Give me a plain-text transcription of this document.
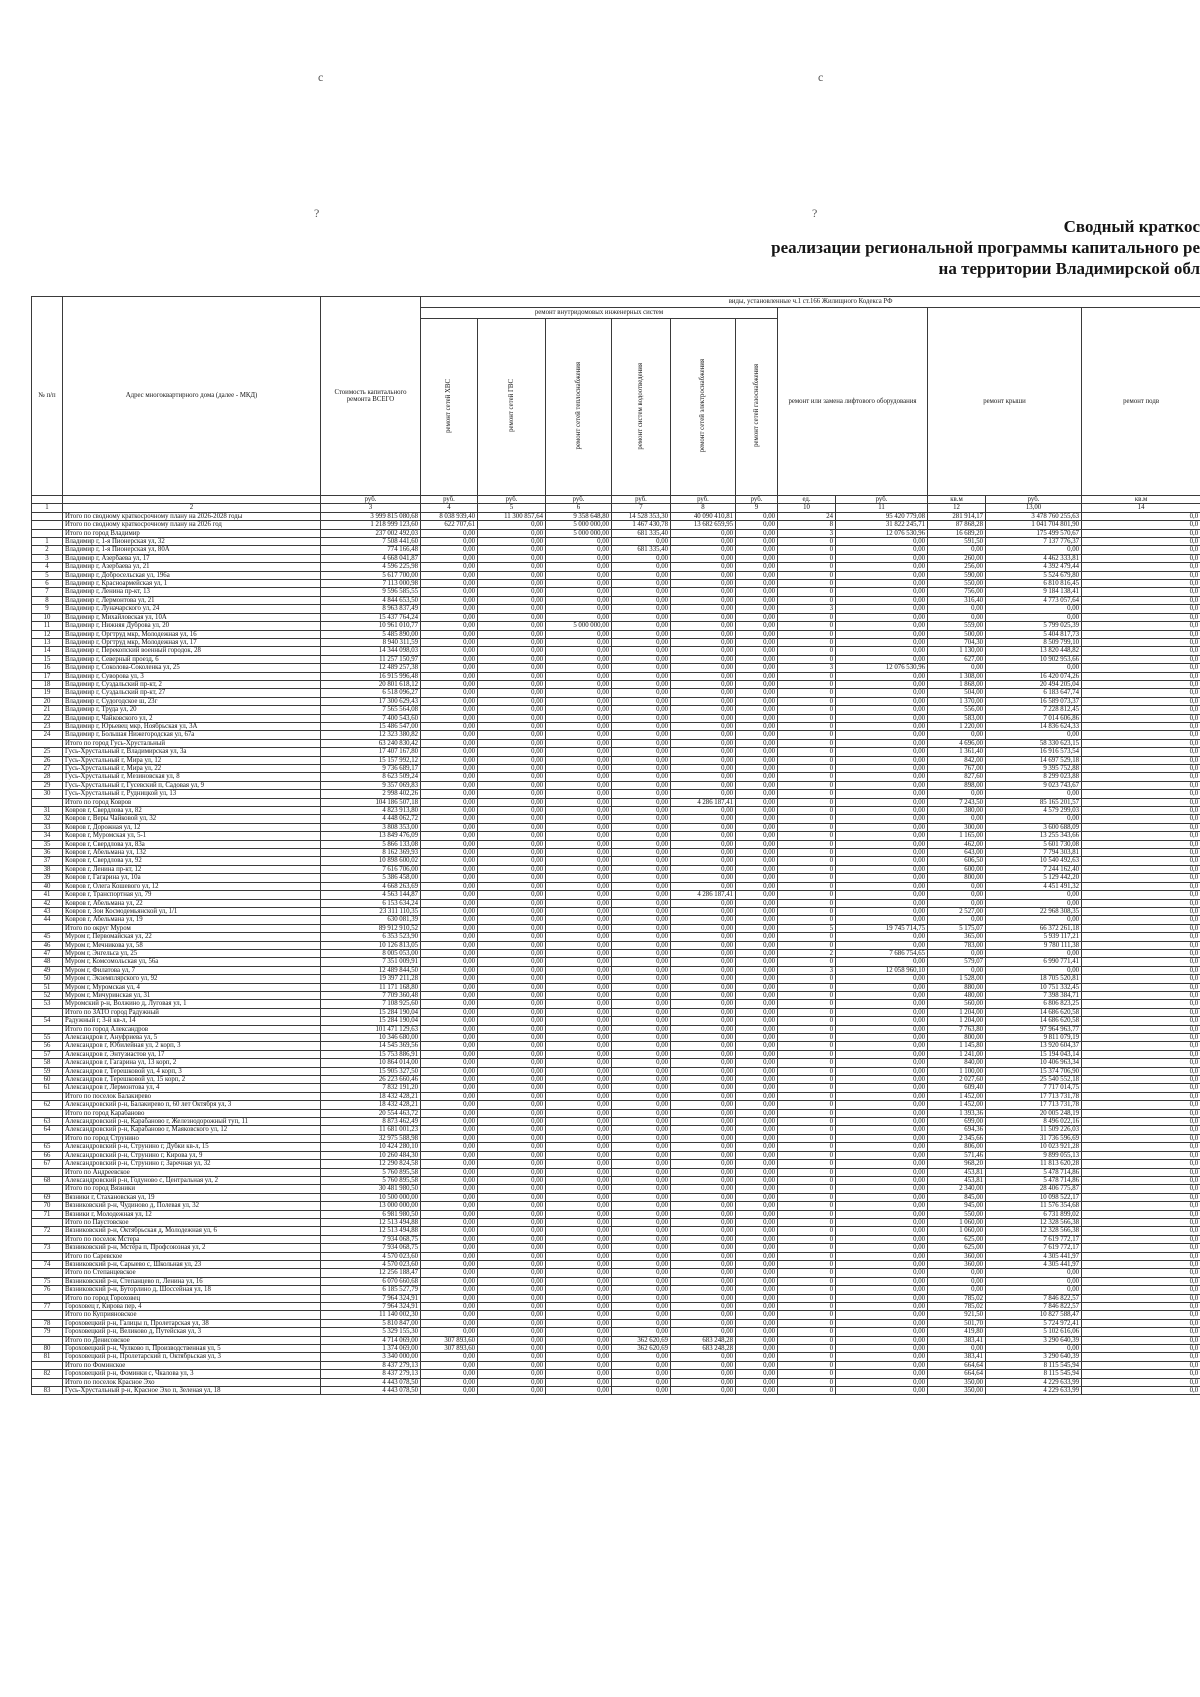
c	c
?	?
Сводный краткос
реализации региональной программы капитального ре
на территории Владимирской обл
№ п/п	Адрес многоквартирного дома (далее - МКД)	Стоимость капитального ремонта ВСЕГО	виды, установленные ч.1 ст.166 Жилищного Кодекса РФ										
			ремонт внутридомовых инженерных систем						ремонт или замена лифтового оборудования		ремонт крыши		ремонт подв
			ремонт сетей ХВС	ремонт сетей ГВС	ремонт сетей теплоснабжения	ремонт систем водоотведения	ремонт сетей электроснабжения	ремонт сетей газоснабжения					
		руб.	руб.	руб.	руб.	руб.	руб.	руб.	ед.	руб.	кв.м	руб.	кв.м
1	2	3	4	5	6	7	8	9	10	11	12	13,00	14
	Итого по сводному краткосрочному плану на 2026-2028 годы	3 999 815 080,68	8 038 939,40	11 300 857,64	9 358 648,80	14 528 353,30	40 090 410,81	0,00	24	95 420 779,08	281 914,17	3 478 760 255,63	0,0
	Итого по сводному краткосрочному плану на 2026 год	1 218 999 123,60	622 707,61	0,00	5 000 000,00	1 467 430,78	13 682 659,95	0,00	8	31 822 245,71	87 868,28	1 041 704 801,90	0,0
	Итого по город Владимир	237 002 492,03	0,00	0,00	5 000 000,00	681 335,40	0,00	0,00	3	12 076 530,96	16 689,20	175 499 570,67	0,0
1	Владимир г, 1-я Пионерская ул, 32	7 508 441,60	0,00	0,00	0,00	0,00	0,00	0,00	0	0,00	591,50	7 137 776,37	0,0
2	Владимир г, 1-я Пионерская ул, 80А	774 166,48	0,00	0,00	0,00	681 335,40	0,00	0,00	0	0,00	0,00	0,00	0,0
3	Владимир г, Азербаева ул, 17	4 668 041,87	0,00	0,00	0,00	0,00	0,00	0,00	0	0,00	260,00	4 462 333,81	0,0
4	Владимир г, Азербаева ул, 21	4 596 225,98	0,00	0,00	0,00	0,00	0,00	0,00	0	0,00	256,00	4 392 479,44	0,0
5	Владимир г, Добросельская ул, 196а	5 617 700,00	0,00	0,00	0,00	0,00	0,00	0,00	0	0,00	590,00	5 524 679,80	0,0
6	Владимир г, Красноармейская ул, 1	7 113 000,98	0,00	0,00	0,00	0,00	0,00	0,00	0	0,00	550,00	6 810 816,45	0,0
7	Владимир г, Ленина пр-кт, 13	9 596 585,55	0,00	0,00	0,00	0,00	0,00	0,00	0	0,00	756,00	9 184 138,41	0,0
8	Владимир г, Лермонтова ул, 21	4 844 653,50	0,00	0,00	0,00	0,00	0,00	0,00	0	0,00	316,40	4 773 057,64	0,0
9	Владимир г, Луначарского ул, 24	8 963 837,49	0,00	0,00	0,00	0,00	0,00	0,00	3	0,00	0,00	0,00	0,0
10	Владимир г, Михайловская ул, 10А	15 437 764,24	0,00	0,00	0,00	0,00	0,00	0,00	0	0,00	0,00	0,00	0,0
11	Владимир г, Нижняя Дуброва ул, 20	10 961 010,77	0,00	0,00	5 000 000,00	0,00	0,00	0,00	0	0,00	559,00	5 799 025,39	0,0
12	Владимир г, Оргтруд мкр, Молодежная ул, 16	5 485 890,00	0,00	0,00	0,00	0,00	0,00	0,00	0	0,00	500,00	5 404 817,73	0,0
13	Владимир г, Оргтруд мкр, Молодежная ул, 17	8 940 311,59	0,00	0,00	0,00	0,00	0,00	0,00	0	0,00	704,30	8 509 799,10	0,0
14	Владимир г, Перекопский военный городок, 28	14 344 098,03	0,00	0,00	0,00	0,00	0,00	0,00	0	0,00	1 130,00	13 820 448,82	0,0
15	Владимир г, Северный проезд, 6	11 257 150,97	0,00	0,00	0,00	0,00	0,00	0,00	0	0,00	627,00	10 902 953,66	0,0
16	Владимир г, Соколова-Соколенка ул, 25	12 489 257,38	0,00	0,00	0,00	0,00	0,00	0,00	3	12 076 530,96	0,00	0,00	0,0
17	Владимир г, Суворова ул, 3	16 915 996,48	0,00	0,00	0,00	0,00	0,00	0,00	0	0,00	1 308,00	16 420 074,26	0,0
18	Владимир г, Суздальский пр-кт, 2	20 801 618,12	0,00	0,00	0,00	0,00	0,00	0,00	0	0,00	1 868,00	20 494 205,04	0,0
19	Владимир г, Суздальский пр-кт, 27	6 518 096,27	0,00	0,00	0,00	0,00	0,00	0,00	0	0,00	504,00	6 183 647,74	0,0
20	Владимир г, Судогодское ш, 23г	17 300 629,43	0,00	0,00	0,00	0,00	0,00	0,00	0	0,00	1 370,00	16 589 073,37	0,0
21	Владимир г, Труда ул, 20	7 565 564,08	0,00	0,00	0,00	0,00	0,00	0,00	0	0,00	556,00	7 228 812,45	0,0
22	Владимир г, Чайковского ул, 2	7 400 543,60	0,00	0,00	0,00	0,00	0,00	0,00	0	0,00	583,00	7 014 606,86	0,0
23	Владимир г, Юрьевец мкр, Ноябрьская ул, 3А	15 486 547,00	0,00	0,00	0,00	0,00	0,00	0,00	0	0,00	1 220,00	14 836 624,33	0,0
24	Владимир г, Большая Нижегородская ул, 67а	12 323 380,82	0,00	0,00	0,00	0,00	0,00	0,00	0	0,00	0,00	0,00	0,0
	Итого по город Гусь-Хрустальный	63 240 830,42	0,00	0,00	0,00	0,00	0,00	0,00	0	0,00	4 696,00	58 330 623,15	0,0
25	Гусь-Хрустальный г, Владимирская ул, 3а	17 407 167,80	0,00	0,00	0,00	0,00	0,00	0,00	0	0,00	1 361,40	16 916 573,54	0,0
26	Гусь-Хрустальный г, Мира ул, 12	15 157 992,12	0,00	0,00	0,00	0,00	0,00	0,00	0	0,00	842,00	14 697 529,18	0,0
27	Гусь-Хрустальный г, Мира ул, 22	9 736 689,17	0,00	0,00	0,00	0,00	0,00	0,00	0	0,00	767,00	9 395 752,88	0,0
28	Гусь-Хрустальный г, Мезиновская ул, 8	8 623 509,24	0,00	0,00	0,00	0,00	0,00	0,00	0	0,00	827,60	8 299 023,88	0,0
29	Гусь-Хрустальный г, Гусевский п, Садовая ул, 9	9 357 069,83	0,00	0,00	0,00	0,00	0,00	0,00	0	0,00	898,00	9 023 743,67	0,0
30	Гусь-Хрустальный г, Рудницкой ул, 13	2 998 402,26	0,00	0,00	0,00	0,00	0,00	0,00	0	0,00	0,00	0,00	0,0
	Итого по город Ковров	104 186 507,18	0,00	0,00	0,00	0,00	4 286 187,41	0,00	0	0,00	7 243,50	85 165 201,57	0,0
31	Ковров г, Свердлова ул, 82	4 823 913,80	0,00	0,00	0,00	0,00	0,00	0,00	0	0,00	380,00	4 579 299,03	0,0
32	Ковров г, Веры Чайковой ул, 32	4 448 062,72	0,00	0,00	0,00	0,00	0,00	0,00	0	0,00	0,00	0,00	0,0
33	Ковров г, Дорожная ул, 12	3 808 353,00	0,00	0,00	0,00	0,00	0,00	0,00	0	0,00	300,00	3 600 688,09	0,0
34	Ковров г, Муромская ул, 5-1	13 849 476,09	0,00	0,00	0,00	0,00	0,00	0,00	0	0,00	1 165,00	13 255 343,66	0,0
35	Ковров г, Свердлова ул, 83а	5 866 133,08	0,00	0,00	0,00	0,00	0,00	0,00	0	0,00	462,00	5 601 730,08	0,0
36	Ковров г, Абельмана ул, 132	8 162 369,93	0,00	0,00	0,00	0,00	0,00	0,00	0	0,00	643,00	7 794 303,81	0,0
37	Ковров г, Свердлова ул, 92	10 898 600,02	0,00	0,00	0,00	0,00	0,00	0,00	0	0,00	606,50	10 540 492,63	0,0
38	Ковров г, Ленина пр-кт, 12	7 616 706,00	0,00	0,00	0,00	0,00	0,00	0,00	0	0,00	600,00	7 244 162,40	0,0
39	Ковров г, Гагарина ул, 10а	5 386 458,00	0,00	0,00	0,00	0,00	0,00	0,00	0	0,00	800,00	5 129 442,20	0,0
40	Ковров г, Олега Кошевого ул, 12	4 668 263,69	0,00	0,00	0,00	0,00	0,00	0,00	0	0,00	0,00	4 451 491,32	0,0
41	Ковров г, Транспортная ул, 79	4 563 144,87	0,00	0,00	0,00	0,00	4 286 187,41	0,00	0	0,00	0,00	0,00	0,0
42	Ковров г, Абельмана ул, 22	6 153 634,24	0,00	0,00	0,00	0,00	0,00	0,00	0	0,00	0,00	0,00	0,0
43	Ковров г, Зои Космодемьянской ул, 1/1	23 311 110,35	0,00	0,00	0,00	0,00	0,00	0,00	0	0,00	2 527,00	22 968 308,35	0,0
44	Ковров г, Абельмана ул, 19	630 081,39	0,00	0,00	0,00	0,00	0,00	0,00	0	0,00	0,00	0,00	0,0
	Итого по округ Муром	89 912 910,52	0,00	0,00	0,00	0,00	0,00	0,00	5	19 745 714,75	5 175,07	66 372 261,18	0,0
45	Муром г, Первомайская ул, 22	6 353 523,90	0,00	0,00	0,00	0,00	0,00	0,00	0	0,00	365,00	5 939 117,21	0,0
46	Муром г, Мечникова ул, 58	10 126 813,05	0,00	0,00	0,00	0,00	0,00	0,00	0	0,00	783,00	9 780 111,38	0,0
47	Муром г, Энгельса ул, 25	8 005 053,00	0,00	0,00	0,00	0,00	0,00	0,00	2	7 686 754,65	0,00	0,00	0,0
48	Муром г, Комсомольская ул, 56а	7 351 009,91	0,00	0,00	0,00	0,00	0,00	0,00	0	0,00	579,07	6 990 771,41	0,0
49	Муром г, Филатова ул, 7	12 489 844,50	0,00	0,00	0,00	0,00	0,00	0,00	3	12 058 960,10	0,00	0,00	0,0
50	Муром г, Экземплярского ул, 92	19 397 211,28	0,00	0,00	0,00	0,00	0,00	0,00	0	0,00	1 528,00	18 705 520,81	0,0
51	Муром г, Муромская ул, 4	11 171 168,80	0,00	0,00	0,00	0,00	0,00	0,00	0	0,00	880,00	10 751 332,45	0,0
52	Муром г, Мичуринская ул, 31	7 709 360,48	0,00	0,00	0,00	0,00	0,00	0,00	0	0,00	480,00	7 398 384,71	0,0
53	Муромский р-н, Волжино д, Луговая ул, 1	7 108 925,60	0,00	0,00	0,00	0,00	0,00	0,00	0	0,00	560,00	6 806 823,25	0,0
	Итого по ЗАТО город Радужный	15 284 190,04	0,00	0,00	0,00	0,00	0,00	0,00	0	0,00	1 204,00	14 686 620,58	0,0
54	Радужный г, 3-й кв-л, 14	15 284 190,04	0,00	0,00	0,00	0,00	0,00	0,00	0	0,00	1 204,00	14 686 620,58	0,0
	Итого по город Александров	101 471 129,63	0,00	0,00	0,00	0,00	0,00	0,00	0	0,00	7 763,80	97 964 963,77	0,0
55	Александров г, Ануфриева ул, 5	10 346 680,00	0,00	0,00	0,00	0,00	0,00	0,00	0	0,00	800,00	9 811 079,19	0,0
56	Александров г, Юбилейная ул, 2 корп, 3	14 545 369,56	0,00	0,00	0,00	0,00	0,00	0,00	0	0,00	1 145,80	13 920 604,37	0,0
57	Александров г, Энтузиастов ул, 17	15 753 886,91	0,00	0,00	0,00	0,00	0,00	0,00	0	0,00	1 241,00	15 194 043,14	0,0
58	Александров г, Гагарина ул, 13 корп, 2	10 864 014,00	0,00	0,00	0,00	0,00	0,00	0,00	0	0,00	840,00	10 406 963,34	0,0
59	Александров г, Терешковой ул, 4 корп, 3	15 905 327,50	0,00	0,00	0,00	0,00	0,00	0,00	0	0,00	1 100,00	15 374 706,90	0,0
60	Александров г, Терешковой ул, 15 корп, 2	26 223 660,46	0,00	0,00	0,00	0,00	0,00	0,00	0	0,00	2 027,60	25 540 552,18	0,0
61	Александров г, Лермонтова ул, 4	7 832 191,20	0,00	0,00	0,00	0,00	0,00	0,00	0	0,00	609,40	7 717 014,75	0,0
	Итого по поселок Балакирево	18 432 428,21	0,00	0,00	0,00	0,00	0,00	0,00	0	0,00	1 452,00	17 713 731,78	0,0
62	Александровский р-н, Балакирево п, 60 лет Октября ул, 3	18 432 428,21	0,00	0,00	0,00	0,00	0,00	0,00	0	0,00	1 452,00	17 713 731,78	0,0
	Итого по город Карабаново	20 554 463,72	0,00	0,00	0,00	0,00	0,00	0,00	0	0,00	1 393,36	20 005 248,19	0,0
63	Александровский р-н, Карабаново г, Железнодорожный туп, 11	8 873 462,49	0,00	0,00	0,00	0,00	0,00	0,00	0	0,00	699,00	8 496 022,16	0,0
64	Александровский р-н, Карабаново г, Маяковского ул, 12	11 681 001,23	0,00	0,00	0,00	0,00	0,00	0,00	0	0,00	694,36	11 509 226,03	0,0
	Итого по город Струнино	32 975 588,98	0,00	0,00	0,00	0,00	0,00	0,00	0	0,00	2 345,66	31 736 596,69	0,0
65	Александровский р-н, Струнино г, Дубки кв-л, 15	10 424 280,10	0,00	0,00	0,00	0,00	0,00	0,00	0	0,00	806,00	10 023 921,28	0,0
66	Александровский р-н, Струнино г, Кирова ул, 9	10 260 484,30	0,00	0,00	0,00	0,00	0,00	0,00	0	0,00	571,46	9 899 055,13	0,0
67	Александровский р-н, Струнино г, Заречная ул, 32	12 290 824,58	0,00	0,00	0,00	0,00	0,00	0,00	0	0,00	968,20	11 813 620,28	0,0
	Итого по Андреевское	5 760 895,58	0,00	0,00	0,00	0,00	0,00	0,00	0	0,00	453,81	5 478 714,86	0,0
68	Александровский р-н, Годуново с, Центральная ул, 2	5 760 895,58	0,00	0,00	0,00	0,00	0,00	0,00	0	0,00	453,81	5 478 714,86	0,0
	Итого по город Вязники	30 481 980,50	0,00	0,00	0,00	0,00	0,00	0,00	0	0,00	2 340,00	28 406 775,87	0,0
69	Вязники г, Стахановская ул, 19	10 500 000,00	0,00	0,00	0,00	0,00	0,00	0,00	0	0,00	845,00	10 098 522,17	0,0
70	Вязниковский р-н, Чудиново д, Полевая ул, 32	13 000 000,00	0,00	0,00	0,00	0,00	0,00	0,00	0	0,00	945,00	11 576 354,68	0,0
71	Вязники г, Молодежная ул, 12	6 981 980,50	0,00	0,00	0,00	0,00	0,00	0,00	0	0,00	550,00	6 731 899,02	0,0
	Итого по Паустовское	12 513 494,88	0,00	0,00	0,00	0,00	0,00	0,00	0	0,00	1 060,00	12 328 566,38	0,0
72	Вязниковский р-н, Октябрьская д, Молодежная ул, 6	12 513 494,88	0,00	0,00	0,00	0,00	0,00	0,00	0	0,00	1 060,00	12 328 566,38	0,0
	Итого по поселок Мстера	7 934 068,75	0,00	0,00	0,00	0,00	0,00	0,00	0	0,00	625,00	7 619 772,17	0,0
73	Вязниковский р-н, Мстёра п, Профсоюзная ул, 2	7 934 068,75	0,00	0,00	0,00	0,00	0,00	0,00	0	0,00	625,00	7 619 772,17	0,0
	Итого по Саревское	4 570 023,60	0,00	0,00	0,00	0,00	0,00	0,00	0	0,00	360,00	4 305 441,97	0,0
74	Вязниковский р-н, Сарыево с, Школьная ул, 23	4 570 023,60	0,00	0,00	0,00	0,00	0,00	0,00	0	0,00	360,00	4 305 441,97	0,0
	Итого по Степанцевское	12 256 188,47	0,00	0,00	0,00	0,00	0,00	0,00	0	0,00	0,00	0,00	0,0
75	Вязниковский р-н, Степанцево п, Ленина ул, 16	6 070 660,68	0,00	0,00	0,00	0,00	0,00	0,00	0	0,00	0,00	0,00	0,0
76	Вязниковский р-н, Буторлино д, Шоссейная ул, 18	6 185 527,79	0,00	0,00	0,00	0,00	0,00	0,00	0	0,00	0,00	0,00	0,0
	Итого по город Гороховец	7 964 324,91	0,00	0,00	0,00	0,00	0,00	0,00	0	0,00	785,02	7 846 822,57	0,0
77	Гороховец г, Кирова пер, 4	7 964 324,91	0,00	0,00	0,00	0,00	0,00	0,00	0	0,00	785,02	7 846 822,57	0,0
	Итого по Куприяновское	11 140 002,30	0,00	0,00	0,00	0,00	0,00	0,00	0	0,00	921,50	10 827 588,47	0,0
78	Гороховецкий р-н, Галицы п, Пролетарская ул, 38	5 810 847,00	0,00	0,00	0,00	0,00	0,00	0,00	0	0,00	501,70	5 724 972,41	0,0
79	Гороховецкий р-н, Великово д, Путейская ул, 3	5 329 155,30	0,00	0,00	0,00	0,00	0,00	0,00	0	0,00	419,80	5 102 616,06	0,0
	Итого по Денисовское	4 714 069,00	307 893,60	0,00	0,00	362 620,69	683 248,28	0,00	0	0,00	383,41	3 290 640,39	0,0
80	Гороховецкий р-н, Чулково п, Производственная ул, 5	1 374 069,00	307 893,60	0,00	0,00	362 620,69	683 248,28	0,00	0	0,00	0,00	0,00	0,0
81	Гороховецкий р-н, Пролетарский п, Октябрьская ул, 3	3 340 000,00	0,00	0,00	0,00	0,00	0,00	0,00	0	0,00	383,41	3 290 640,39	0,0
	Итого по Фоминское	8 437 279,13	0,00	0,00	0,00	0,00	0,00	0,00	0	0,00	664,64	8 115 545,94	0,0
82	Гороховецкий р-н, Фоминки с, Чкалова ул, 3	8 437 279,13	0,00	0,00	0,00	0,00	0,00	0,00	0	0,00	664,64	8 115 545,94	0,0
	Итого по поселок Красное Эхо	4 443 078,50	0,00	0,00	0,00	0,00	0,00	0,00	0	0,00	350,00	4 229 633,99	0,0
83	Гусь-Хрустальный р-н, Красное Эхо п, Зеленая ул, 18	4 443 078,50	0,00	0,00	0,00	0,00	0,00	0,00	0	0,00	350,00	4 229 633,99	0,0
